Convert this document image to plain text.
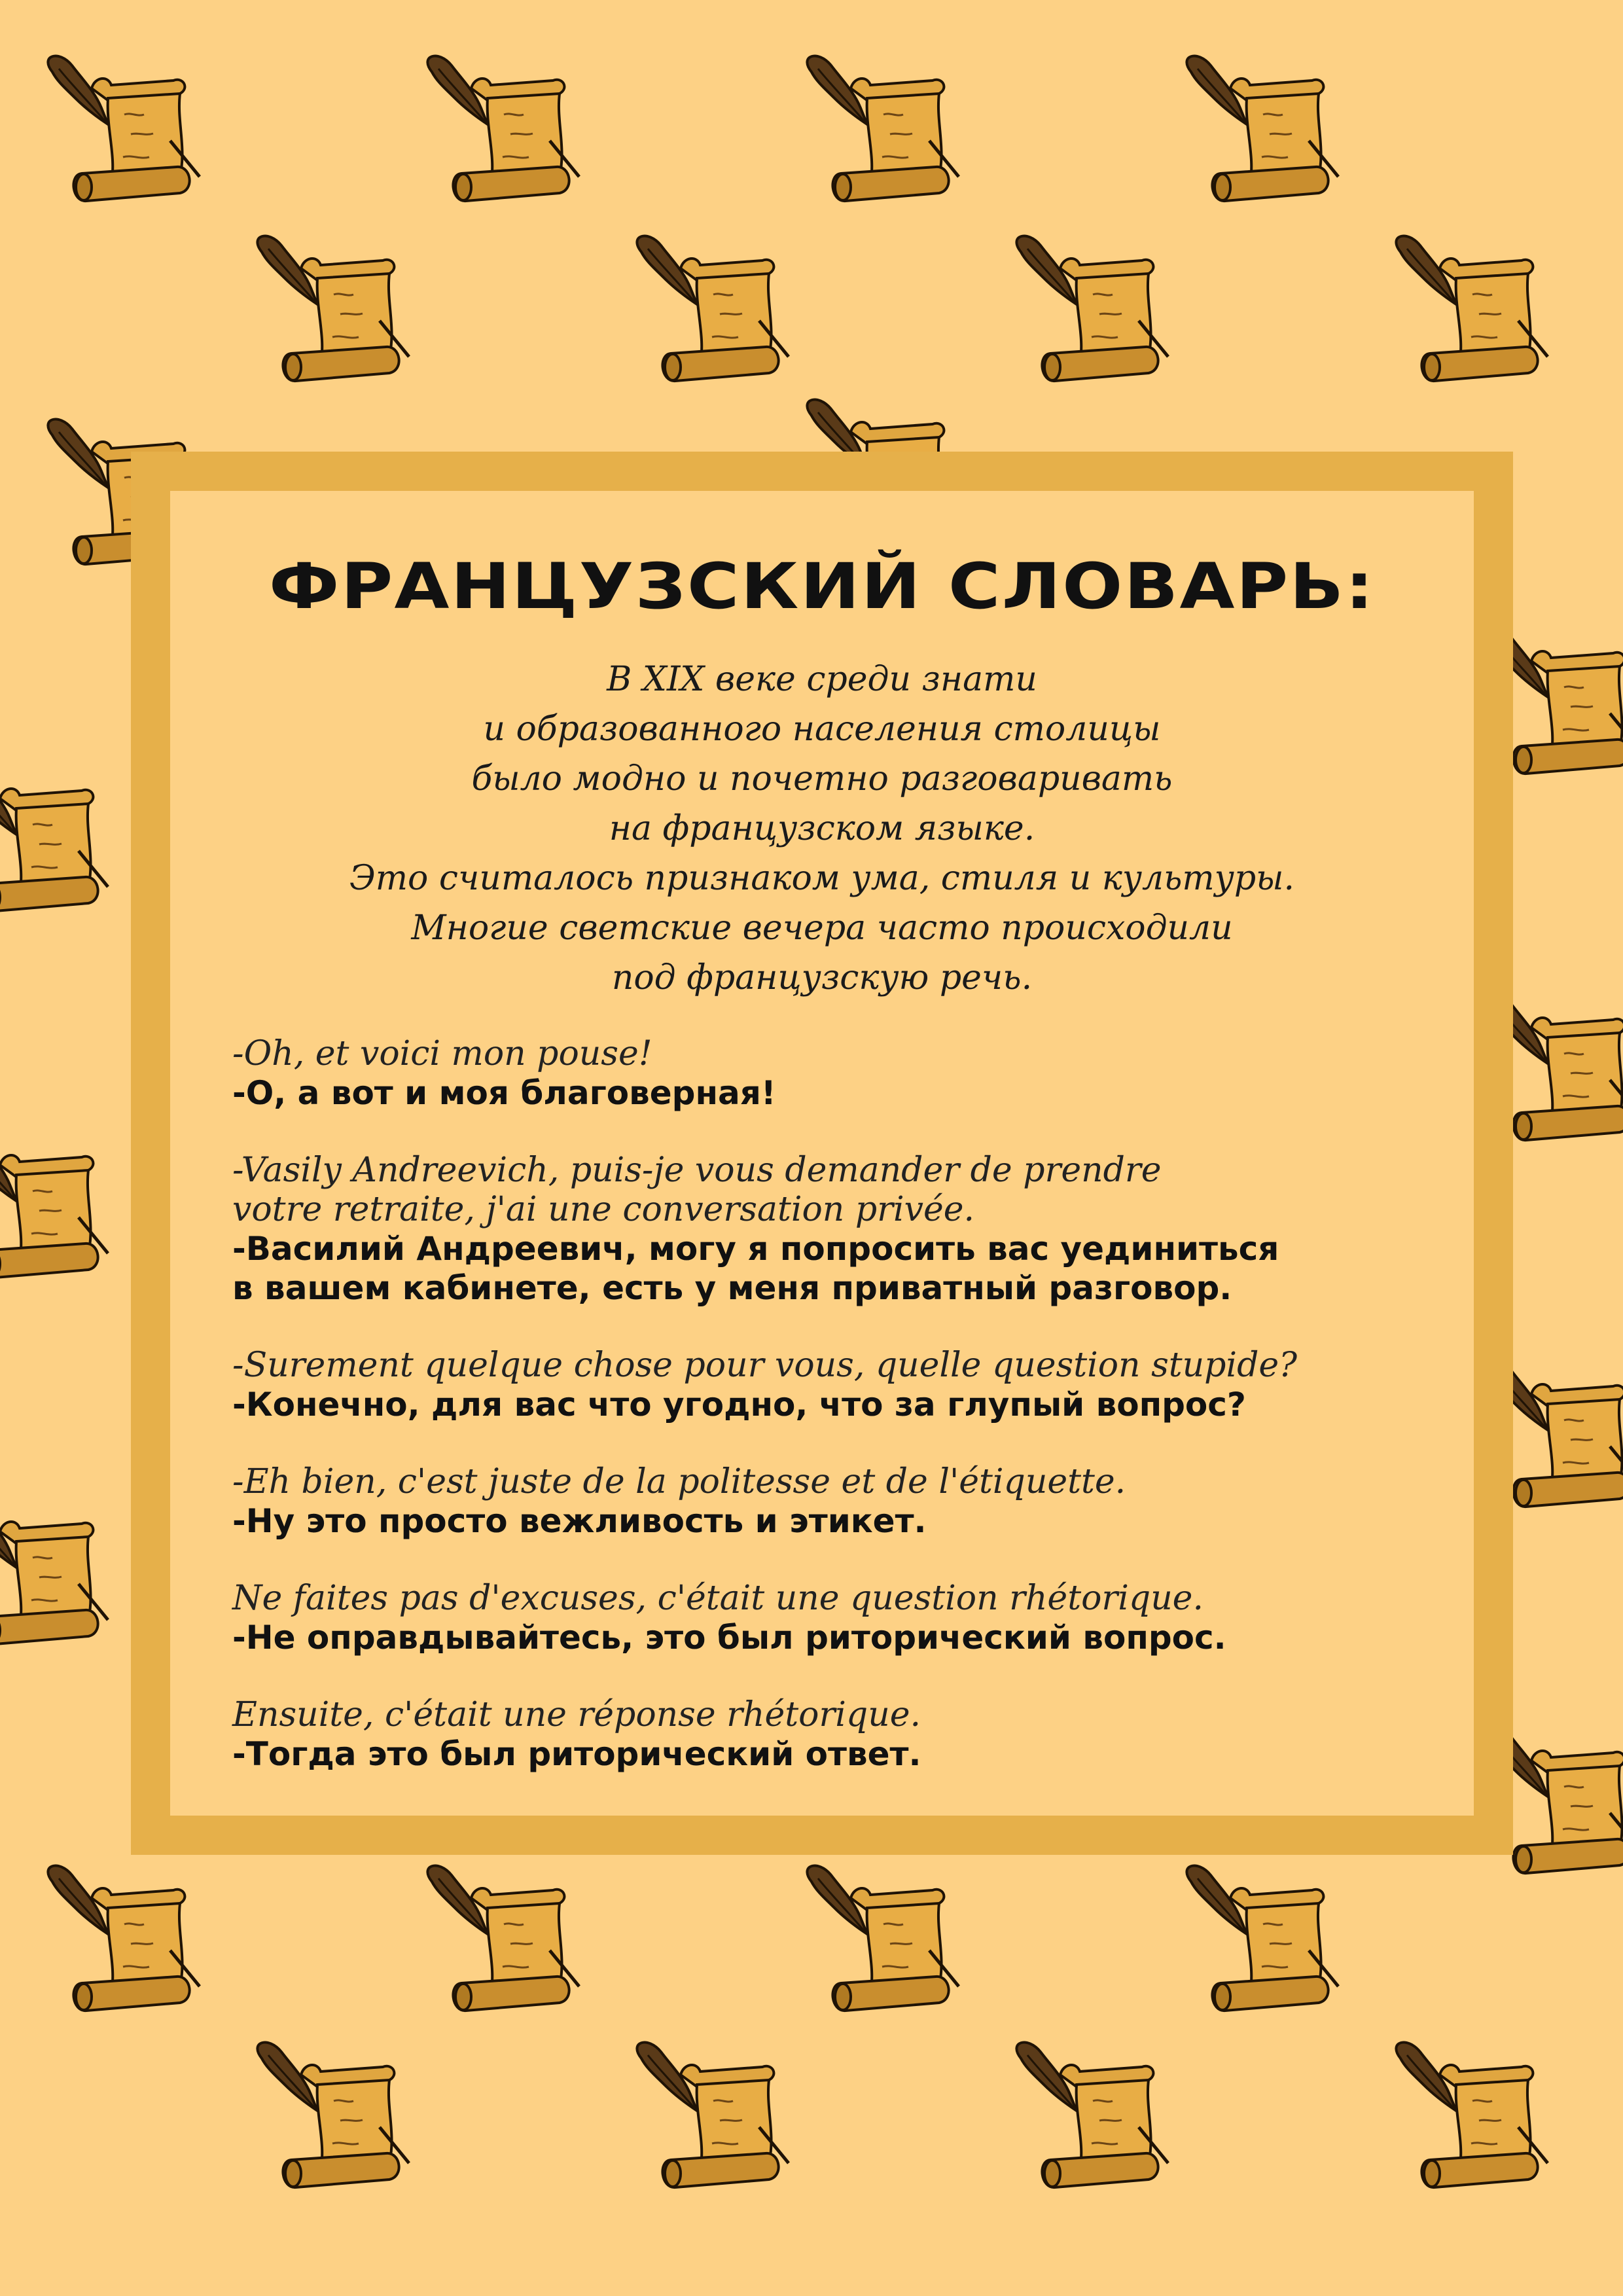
ФРАНЦУЗСКИЙ СЛОВАРЬ:
В XIX веке среди знати
и образованного населения столицы
было модно и почетно разговаривать
на французском языке.
Это считалось признаком ума, стиля и культуры.
Многие светские вечера часто происходили
под французскую речь.
-Oh, et voici mon pouse!
-О, а вот и моя благоверная!
-Vasily Andreevich, puis-je vous demander de prendre
votre retraite, j'ai une conversation privée.
-Василий Андреевич, могу я попросить вас уединиться
в вашем кабинете, есть у меня приватный разговор.
-Surement quelque chose pour vous, quelle question stupide?
-Конечно, для вас что угодно, что за глупый вопрос?
-Eh bien, c'est juste de la politesse et de l'étiquette.
-Ну это просто вежливость и этикет.
Ne faites pas d'excuses, c'était une question rhétorique.
-Не оправдывайтесь, это был риторический вопрос.
Ensuite, c'était une réponse rhétorique.
-Тогда это был риторический ответ.
